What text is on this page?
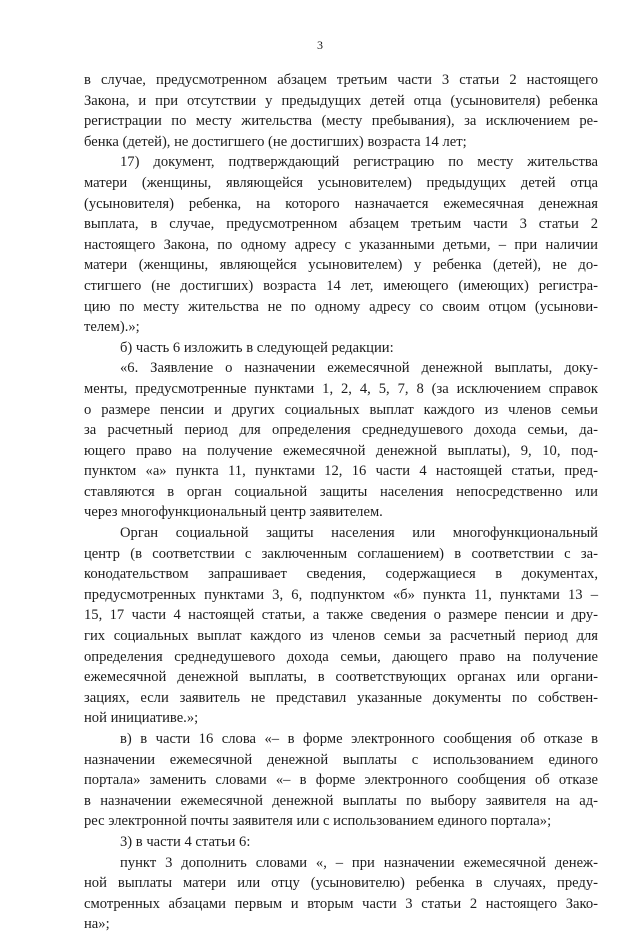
3
в случае, предусмотренном абзацем третьим части 3 статьи 2 настоящего
Закона, и при отсутствии у предыдущих детей отца (усыновителя) ребенка
регистрации по месту жительства (месту пребывания), за исключением ре-
бенка (детей), не достигшего (не достигших) возраста 14 лет;
17) документ, подтверждающий регистрацию по месту жительства
матери (женщины, являющейся усыновителем) предыдущих детей отца
(усыновителя) ребенка, на которого назначается ежемесячная денежная
выплата, в случае, предусмотренном абзацем третьим части 3 статьи 2
настоящего Закона, по одному адресу с указанными детьми, – при наличии
матери (женщины, являющейся усыновителем) у ребенка (детей), не до-
стигшего (не достигших) возраста 14 лет, имеющего (имеющих) регистра-
цию по месту жительства не по одному адресу со своим отцом (усынови-
телем).»;
б) часть 6 изложить в следующей редакции:
«6. Заявление о назначении ежемесячной денежной выплаты, доку-
менты, предусмотренные пунктами 1, 2, 4, 5, 7, 8 (за исключением справок
о размере пенсии и других социальных выплат каждого из членов семьи
за расчетный период для определения среднедушевого дохода семьи, да-
ющего право на получение ежемесячной денежной выплаты), 9, 10, под-
пунктом «а» пункта 11, пунктами 12, 16 части 4 настоящей статьи, пред-
ставляются в орган социальной защиты населения непосредственно или
через многофункциональный центр заявителем.
Орган социальной защиты населения или многофункциональный
центр (в соответствии с заключенным соглашением) в соответствии с за-
конодательством запрашивает сведения, содержащиеся в документах,
предусмотренных пунктами 3, 6, подпунктом «б» пункта 11, пунктами 13 –
15, 17 части 4 настоящей статьи, а также сведения о размере пенсии и дру-
гих социальных выплат каждого из членов семьи за расчетный период для
определения среднедушевого дохода семьи, дающего право на получение
ежемесячной денежной выплаты, в соответствующих органах или органи-
зациях, если заявитель не представил указанные документы по собствен-
ной инициативе.»;
в) в части 16 слова «– в форме электронного сообщения об отказе в
назначении ежемесячной денежной выплаты с использованием единого
портала» заменить словами «– в форме электронного сообщения об отказе
в назначении ежемесячной денежной выплаты по выбору заявителя на ад-
рес электронной почты заявителя или с использованием единого портала»;
3) в части 4 статьи 6:
пункт 3 дополнить словами «, – при назначении ежемесячной денеж-
ной выплаты матери или отцу (усыновителю) ребенка в случаях, преду-
смотренных абзацами первым и вторым части 3 статьи 2 настоящего Зако-
на»;
